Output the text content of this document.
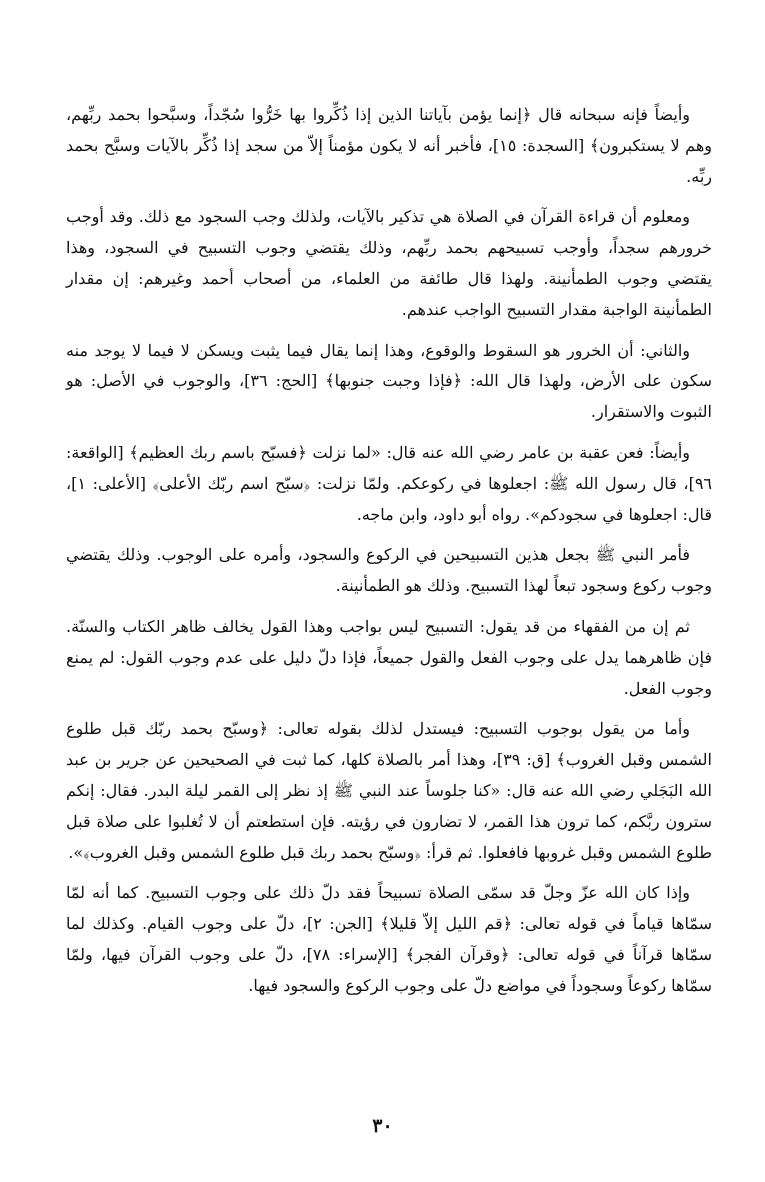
وأيضاً فإنه سبحانه قال ﴿إنما يؤمن بآياتنا الذين إذا ذُكِّروا بها خَرُّوا سُجّداً، وسبَّحوا بحمد ربِّهم، وهم لا يستكبرون﴾ [السجدة: ١٥]، فأخبر أنه لا يكون مؤمناً إلاّ من سجد إذا ذُكِّر بالآيات وسبَّح بحمد ربِّه.

ومعلوم أن قراءة القرآن في الصلاة هي تذكير بالآيات، ولذلك وجب السجود مع ذلك. وقد أوجب خرورهم سجداً، وأوجب تسبيحهم بحمد ربِّهم، وذلك يقتضي وجوب التسبيح في السجود، وهذا يقتضي وجوب الطمأنينة. ولهذا قال طائفة من العلماء، من أصحاب أحمد وغيرهم: إن مقدار الطمأنينة الواجبة مقدار التسبيح الواجب عندهم.

والثاني: أن الخرور هو السقوط والوقوع، وهذا إنما يقال فيما يثبت ويسكن لا فيما لا يوجد منه سكون على الأرض، ولهذا قال الله: ﴿فإذا وجبت جنوبها﴾ [الحج: ٣٦]، والوجوب في الأصل: هو الثبوت والاستقرار.

وأيضاً: فعن عقبة بن عامر رضي الله عنه قال: «لما نزلت ﴿فسبّح باسم ربك العظيم﴾ [الواقعة: ٩٦]، قال رسول الله ﷺ: اجعلوها في ركوعكم. ولمّا نزلت: ﴿سبّح اسم ربّك الأعلى﴾ [الأعلى: ١]، قال: اجعلوها في سجودكم». رواه أبو داود، وابن ماجه.

فأمر النبي ﷺ بجعل هذين التسبيحين في الركوع والسجود، وأمره على الوجوب. وذلك يقتضي وجوب ركوع وسجود تبعاً لهذا التسبيح. وذلك هو الطمأنينة.

ثم إن من الفقهاء من قد يقول: التسبيح ليس بواجب وهذا القول يخالف ظاهر الكتاب والسنّة. فإن ظاهرهما يدل على وجوب الفعل والقول جميعاً، فإذا دلّ دليل على عدم وجوب القول: لم يمنع وجوب الفعل.

وأما من يقول بوجوب التسبيح: فيستدل لذلك بقوله تعالى: ﴿وسبّح بحمد ربّك قبل طلوع الشمس وقبل الغروب﴾ [ق: ٣٩]، وهذا أمر بالصلاة كلها، كما ثبت في الصحيحين عن جرير بن عبد الله البَجَلي رضي الله عنه قال: «كنا جلوساً عند النبي ﷺ إذ نظر إلى القمر ليلة البدر. فقال: إنكم سترون ربَّكم، كما ترون هذا القمر، لا تضارون في رؤيته. فإن استطعتم أن لا تُغلبوا على صلاة قبل طلوع الشمس وقبل غروبها فافعلوا. ثم قرأ: ﴿وسبّح بحمد ربك قبل طلوع الشمس وقبل الغروب﴾».

وإذا كان الله عزّ وجلّ قد سمّى الصلاة تسبيحاً فقد دلّ ذلك على وجوب التسبيح. كما أنه لمّا سمّاها قياماً في قوله تعالى: ﴿قم الليل إلاّ قليلا﴾ [الجن: ٢]، دلّ على وجوب القيام. وكذلك لما سمّاها قرآناً في قوله تعالى: ﴿وقرآن الفجر﴾ [الإسراء: ٧٨]، دلّ على وجوب القرآن فيها، ولمّا سمّاها ركوعاً وسجوداً في مواضع دلّ على وجوب الركوع والسجود فيها.

٣٠
